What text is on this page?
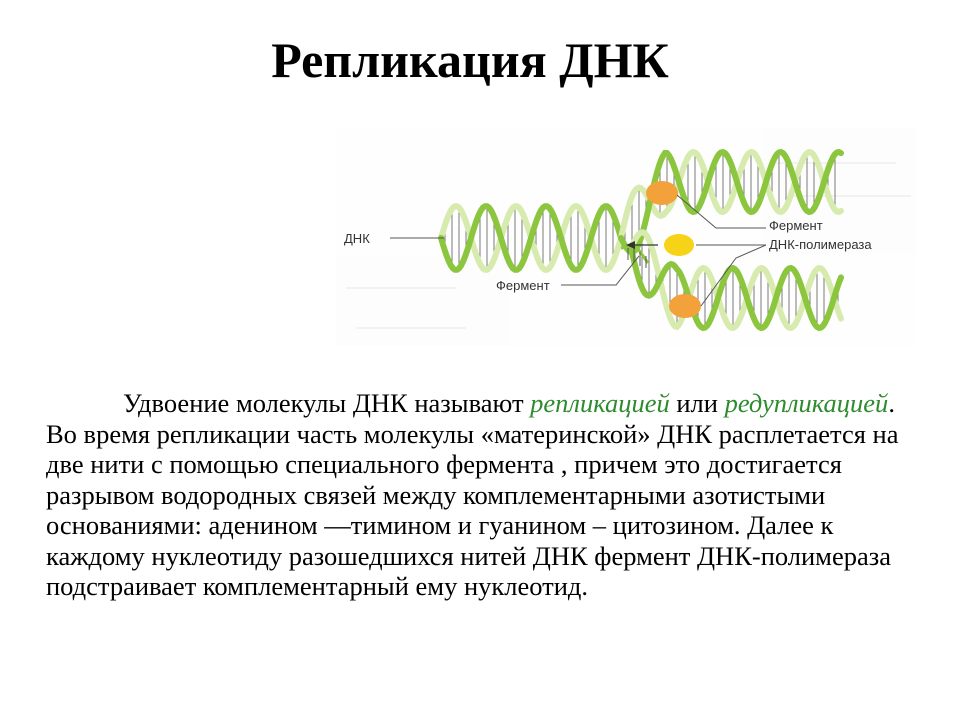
Репликация ДНК
ДНК
Фермент
Фермент
ДНК-полимераза

Удвоение молекулы ДНК называют репликацией или редупликацией. Во время репликации часть молекулы «материнской» ДНК расплетается на две нити с помощью специального фермента , причем это достигается разрывом водородных связей между комплементарными азотистыми основаниями: аденином —тимином и гуанином – цитозином. Далее к каждому нуклеотиду разошедшихся нитей ДНК фермент ДНК-полимераза подстраивает комплементарный ему нуклеотид.
